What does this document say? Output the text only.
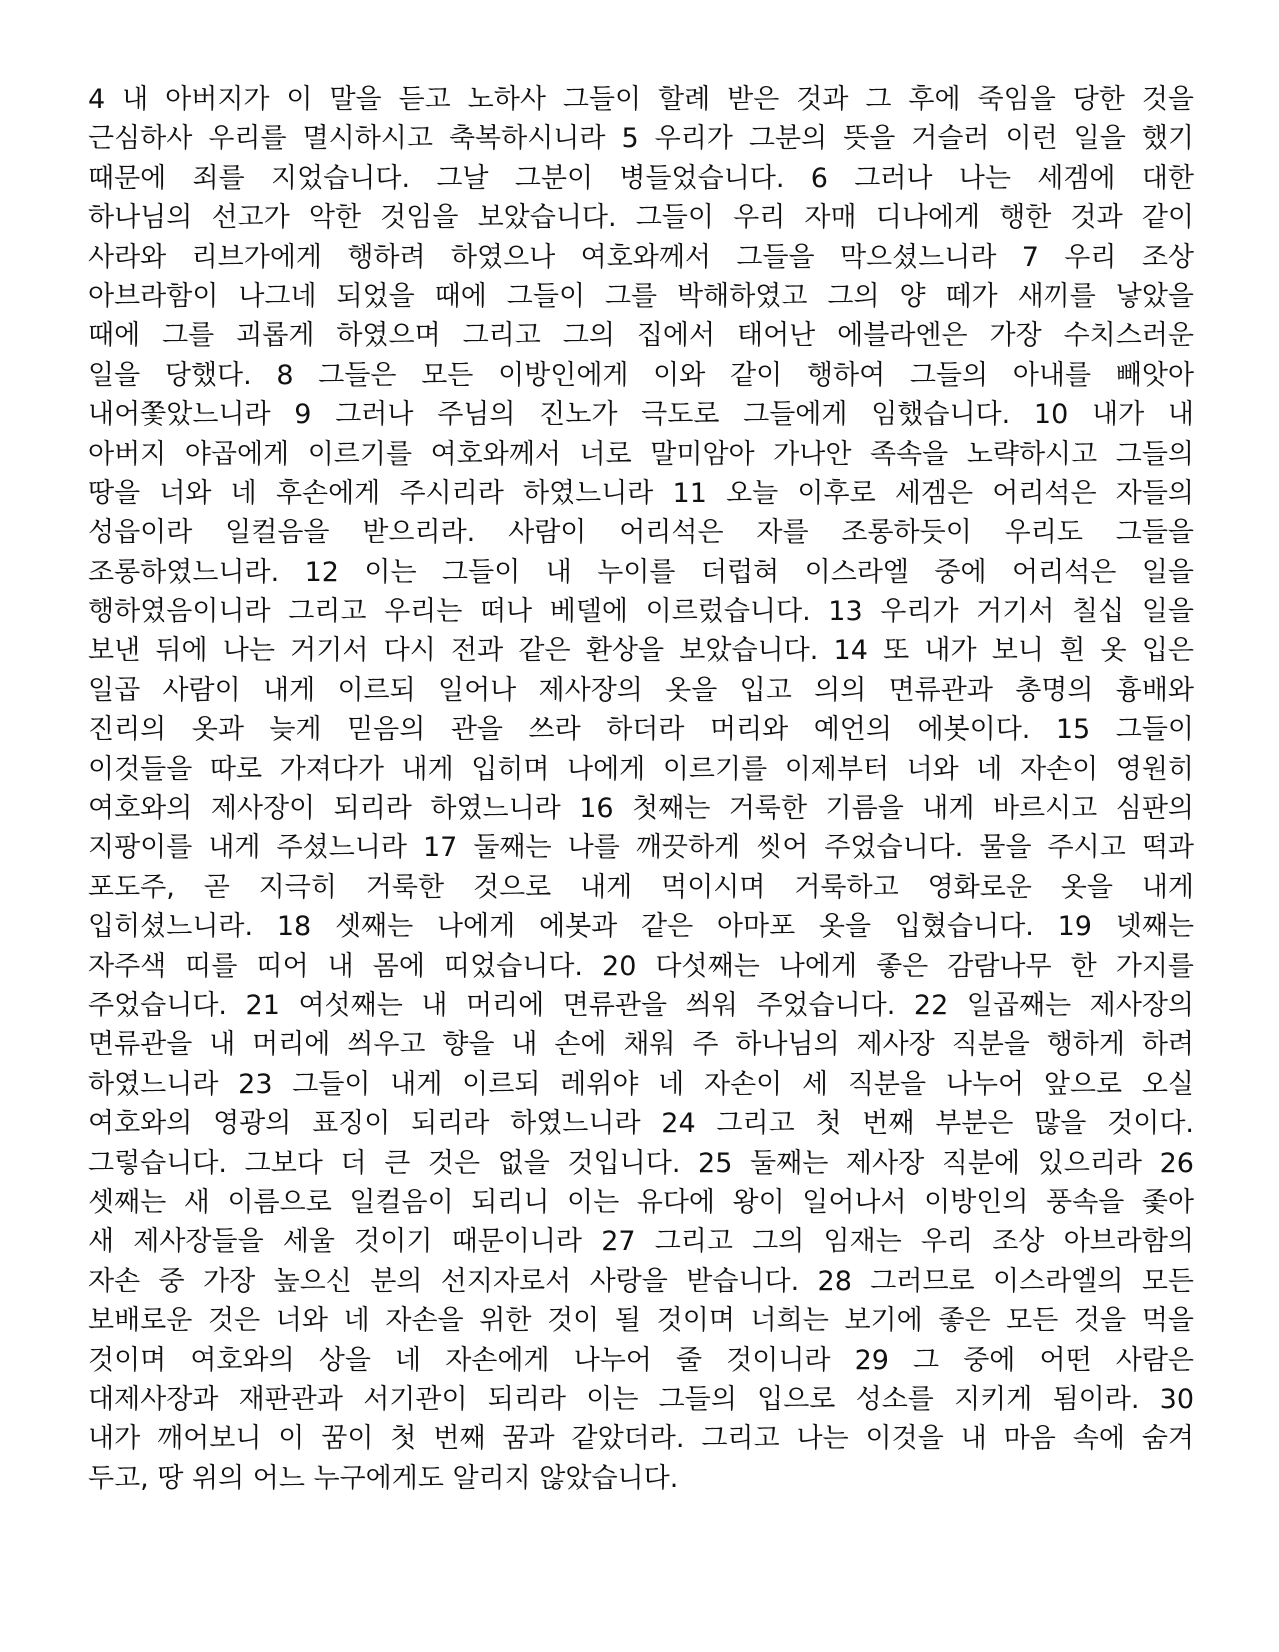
4 내 아버지가 이 말을 듣고 노하사 그들이 할례 받은 것과 그 후에 죽임을 당한 것을
근심하사 우리를 멸시하시고 축복하시니라 5 우리가 그분의 뜻을 거슬러 이런 일을 했기
때문에 죄를 지었습니다. 그날 그분이 병들었습니다. 6 그러나 나는 세겜에 대한
하나님의 선고가 악한 것임을 보았습니다. 그들이 우리 자매 디나에게 행한 것과 같이
사라와 리브가에게 행하려 하였으나 여호와께서 그들을 막으셨느니라 7 우리 조상
아브라함이 나그네 되었을 때에 그들이 그를 박해하였고 그의 양 떼가 새끼를 낳았을
때에 그를 괴롭게 하였으며 그리고 그의 집에서 태어난 에블라엔은 가장 수치스러운
일을 당했다. 8 그들은 모든 이방인에게 이와 같이 행하여 그들의 아내를 빼앗아
내어쫓았느니라 9 그러나 주님의 진노가 극도로 그들에게 임했습니다. 10 내가 내
아버지 야곱에게 이르기를 여호와께서 너로 말미암아 가나안 족속을 노략하시고 그들의
땅을 너와 네 후손에게 주시리라 하였느니라 11 오늘 이후로 세겜은 어리석은 자들의
성읍이라 일컬음을 받으리라. 사람이 어리석은 자를 조롱하듯이 우리도 그들을
조롱하였느니라. 12 이는 그들이 내 누이를 더럽혀 이스라엘 중에 어리석은 일을
행하였음이니라 그리고 우리는 떠나 베델에 이르렀습니다. 13 우리가 거기서 칠십 일을
보낸 뒤에 나는 거기서 다시 전과 같은 환상을 보았습니다. 14 또 내가 보니 흰 옷 입은
일곱 사람이 내게 이르되 일어나 제사장의 옷을 입고 의의 면류관과 총명의 흉배와
진리의 옷과 늦게 믿음의 관을 쓰라 하더라 머리와 예언의 에봇이다. 15 그들이
이것들을 따로 가져다가 내게 입히며 나에게 이르기를 이제부터 너와 네 자손이 영원히
여호와의 제사장이 되리라 하였느니라 16 첫째는 거룩한 기름을 내게 바르시고 심판의
지팡이를 내게 주셨느니라 17 둘째는 나를 깨끗하게 씻어 주었습니다. 물을 주시고 떡과
포도주, 곧 지극히 거룩한 것으로 내게 먹이시며 거룩하고 영화로운 옷을 내게
입히셨느니라. 18 셋째는 나에게 에봇과 같은 아마포 옷을 입혔습니다. 19 넷째는
자주색 띠를 띠어 내 몸에 띠었습니다. 20 다섯째는 나에게 좋은 감람나무 한 가지를
주었습니다. 21 여섯째는 내 머리에 면류관을 씌워 주었습니다. 22 일곱째는 제사장의
면류관을 내 머리에 씌우고 향을 내 손에 채워 주 하나님의 제사장 직분을 행하게 하려
하였느니라 23 그들이 내게 이르되 레위야 네 자손이 세 직분을 나누어 앞으로 오실
여호와의 영광의 표징이 되리라 하였느니라 24 그리고 첫 번째 부분은 많을 것이다.
그렇습니다. 그보다 더 큰 것은 없을 것입니다. 25 둘째는 제사장 직분에 있으리라 26
셋째는 새 이름으로 일컬음이 되리니 이는 유다에 왕이 일어나서 이방인의 풍속을 좇아
새 제사장들을 세울 것이기 때문이니라 27 그리고 그의 임재는 우리 조상 아브라함의
자손 중 가장 높으신 분의 선지자로서 사랑을 받습니다. 28 그러므로 이스라엘의 모든
보배로운 것은 너와 네 자손을 위한 것이 될 것이며 너희는 보기에 좋은 모든 것을 먹을
것이며 여호와의 상을 네 자손에게 나누어 줄 것이니라 29 그 중에 어떤 사람은
대제사장과 재판관과 서기관이 되리라 이는 그들의 입으로 성소를 지키게 됨이라. 30
내가 깨어보니 이 꿈이 첫 번째 꿈과 같았더라. 그리고 나는 이것을 내 마음 속에 숨겨
두고, 땅 위의 어느 누구에게도 알리지 않았습니다.
